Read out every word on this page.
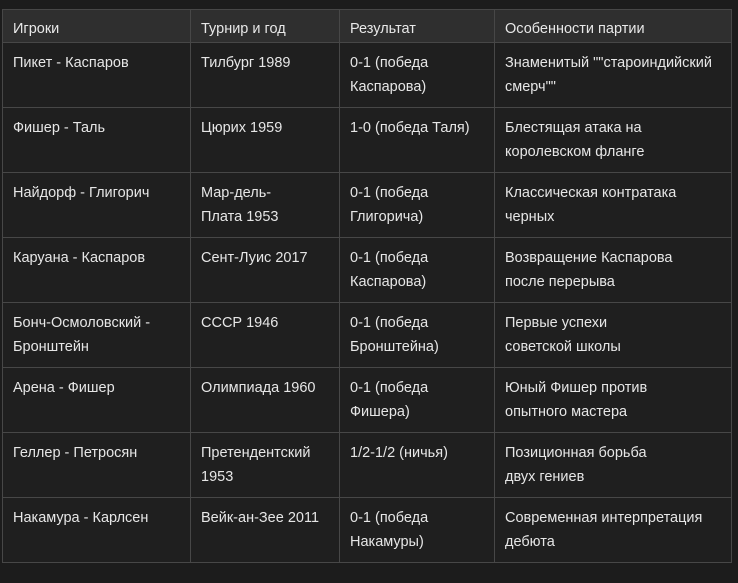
Игроки	Турнир и год	Результат	Особенности партии

Пикет - Каспаров	Тилбург 1989	0-1 (победа
Каспарова)	Знаменитый ""староиндийский
смерч""

Фишер - Таль	Цюрих 1959	1-0 (победа Таля)	Блестящая атака на
королевском фланге

Найдорф - Глигорич	Мар-дель-
Плата 1953	0-1 (победа
Глигорича)	Классическая контратака
черных

Каруана - Каспаров	Сент-Луис 2017	0-1 (победа
Каспарова)	Возвращение Каспарова
после перерыва

Бонч-Осмоловский -
Бронштейн	СССР 1946	0-1 (победа
Бронштейна)	Первые успехи
советской школы

Арена - Фишер	Олимпиада 1960	0-1 (победа
Фишера)	Юный Фишер против
опытного мастера

Геллер - Петросян	Претендентский
1953	1/2-1/2 (ничья)	Позиционная борьба
двух гениев

Накамура - Карлсен	Вейк-ан-Зее 2011	0-1 (победа
Накамуры)	Современная интерпретация
дебюта
